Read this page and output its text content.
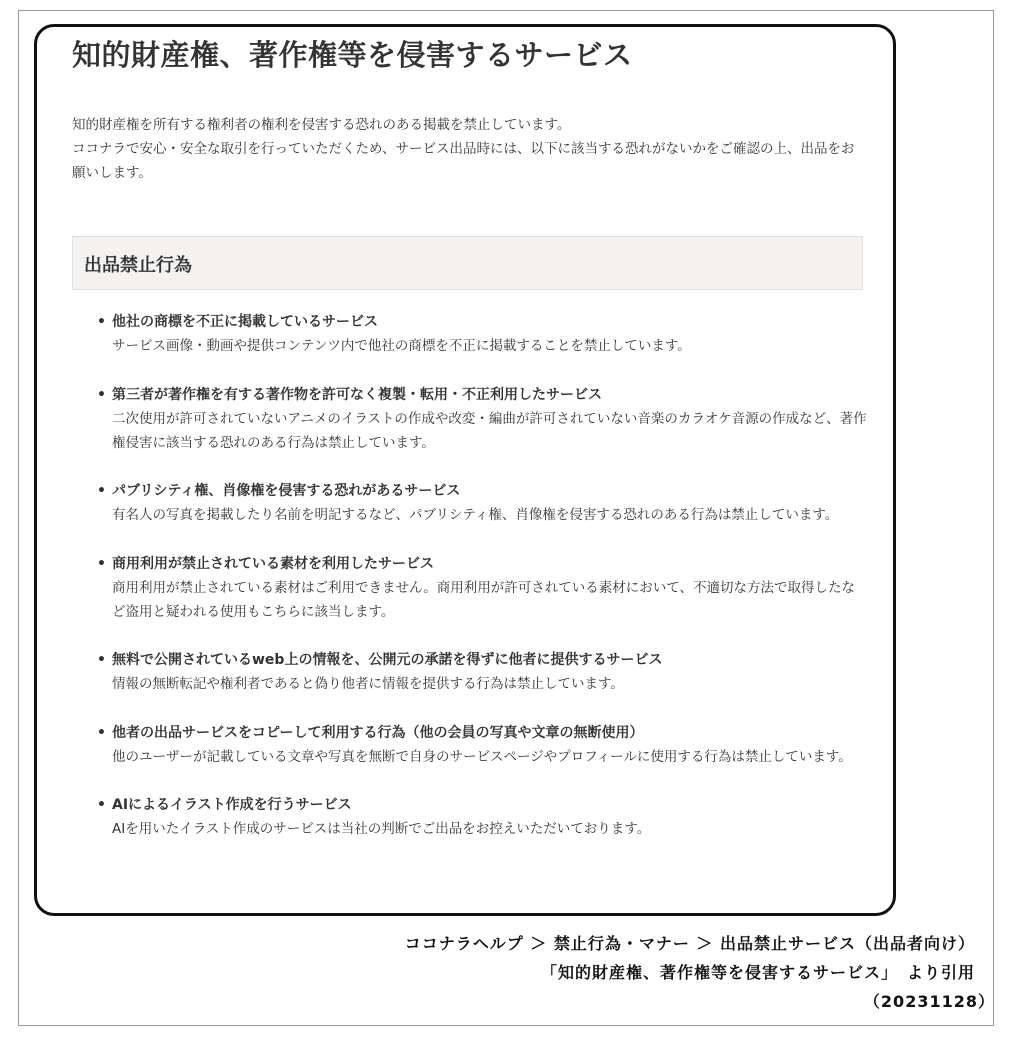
知的財産権、著作権等を侵害するサービス

知的財産権を所有する権利者の権利を侵害する恐れのある掲載を禁止しています。

ココナラで安心・安全な取引を行っていただくため、サービス出品時には、以下に該当する恐れがないかをご確認の上、出品をお願いします。

出品禁止行為
• 他社の商標を不正に掲載しているサービス
サービス画像・動画や提供コンテンツ内で他社の商標を不正に掲載することを禁止しています。
• 第三者が著作権を有する著作物を許可なく複製・転用・不正利用したサービス
二次使用が許可されていないアニメのイラストの作成や改変・編曲が許可されていない音楽のカラオケ音源の作成など、著作権侵害に該当する恐れのある行為は禁止しています。
• パブリシティ権、肖像権を侵害する恐れがあるサービス
有名人の写真を掲載したり名前を明記するなど、パブリシティ権、肖像権を侵害する恐れのある行為は禁止しています。
• 商用利用が禁止されている素材を利用したサービス
商用利用が禁止されている素材はご利用できません。商用利用が許可されている素材において、不適切な方法で取得したなど盗用と疑われる使用もこちらに該当します。
• 無料で公開されているweb上の情報を、公開元の承諾を得ずに他者に提供するサービス
情報の無断転記や権利者であると偽り他者に情報を提供する行為は禁止しています。
• 他者の出品サービスをコピーして利用する行為（他の会員の写真や文章の無断使用）
他のユーザーが記載している文章や写真を無断で自身のサービスページやプロフィールに使用する行為は禁止しています。
• AIによるイラスト作成を行うサービス
AIを用いたイラスト作成のサービスは当社の判断でご出品をお控えいただいております。
ココナラヘルプ ＞ 禁止行為・マナー ＞ 出品禁止サービス（出品者向け）
「知的財産権、著作権等を侵害するサービス」　より引用
（20231128）
